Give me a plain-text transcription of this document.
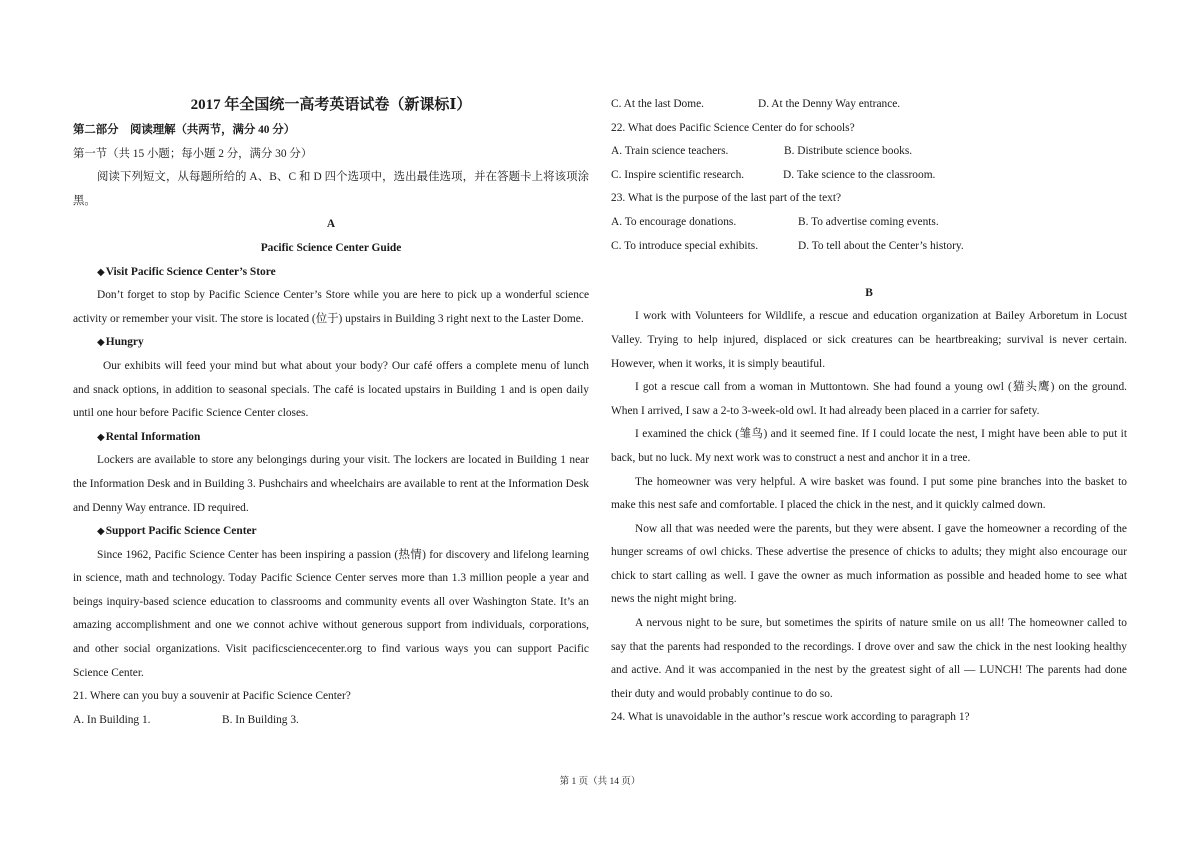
2017 年全国统一高考英语试卷（新课标Ⅰ）

第二部分　阅读理解（共两节，满分 40 分）

第一节（共 15 小题；每小题 2 分，满分 30 分）

阅读下列短文，从每题所给的 A、B、C 和 D 四个选项中，选出最佳选项，并在答题卡上将该项涂黑。

A

Pacific Science Center Guide

◆Visit Pacific Science Center’s Store

Don’t forget to stop by Pacific Science Center’s Store while you are here to pick up a wonderful science activity or remember your visit. The store is located (位于) upstairs in Building 3 right next to the Laster Dome.

◆Hungry

Our exhibits will feed your mind but what about your body? Our café offers a complete menu of lunch and snack options, in addition to seasonal specials. The café is located upstairs in Building 1 and is open daily until one hour before Pacific Science Center closes.

◆Rental Information

Lockers are available to store any belongings during your visit. The lockers are located in Building 1 near the Information Desk and in Building 3. Pushchairs and wheelchairs are available to rent at the Information Desk and Denny Way entrance. ID required.

◆Support Pacific Science Center

Since 1962, Pacific Science Center has been inspiring a passion (热情) for discovery and lifelong learning in science, math and technology. Today Pacific Science Center serves more than 1.3 million people a year and beings inquiry-based science education to classrooms and community events all over Washington State. It’s an amazing accomplishment and one we connot achive without generous support from individuals, corporations, and other social organizations. Visit pacificsciencecenter.org to find various ways you can support Pacific Science Center.

21. Where can you buy a souvenir at Pacific Science Center?

A. In Building 1.	B. In Building 3.

C. At the last Dome.	D. At the Denny Way entrance.

22. What does Pacific Science Center do for schools?

A. Train science teachers.	B. Distribute science books.

C. Inspire scientific research.	D. Take science to the classroom.

23. What is the purpose of the last part of the text?

A. To encourage donations.	B. To advertise coming events.

C. To introduce special exhibits.	D. To tell about the Center’s history.

B

I work with Volunteers for Wildlife, a rescue and education organization at Bailey Arboretum in Locust Valley. Trying to help injured, displaced or sick creatures can be heartbreaking; survival is never certain. However, when it works, it is simply beautiful.

I got a rescue call from a woman in Muttontown. She had found a young owl (猫头鹰) on the ground. When I arrived, I saw a 2-to 3-week-old owl. It had already been placed in a carrier for safety.

I examined the chick (雏鸟) and it seemed fine. If I could locate the nest, I might have been able to put it back, but no luck. My next work was to construct a nest and anchor it in a tree.

The homeowner was very helpful. A wire basket was found. I put some pine branches into the basket to make this nest safe and comfortable. I placed the chick in the nest, and it quickly calmed down.

Now all that was needed were the parents, but they were absent. I gave the homeowner a recording of the hunger screams of owl chicks. These advertise the presence of chicks to adults; they might also encourage our chick to start calling as well. I gave the owner as much information as possible and headed home to see what news the night might bring.

A nervous night to be sure, but sometimes the spirits of nature smile on us all! The homeowner called to say that the parents had responded to the recordings. I drove over and saw the chick in the nest looking healthy and active. And it was accompanied in the nest by the greatest sight of all — LUNCH! The parents had done their duty and would probably continue to do so.

24. What is unavoidable in the author’s rescue work according to paragraph 1?

第 1 页（共 14 页）
